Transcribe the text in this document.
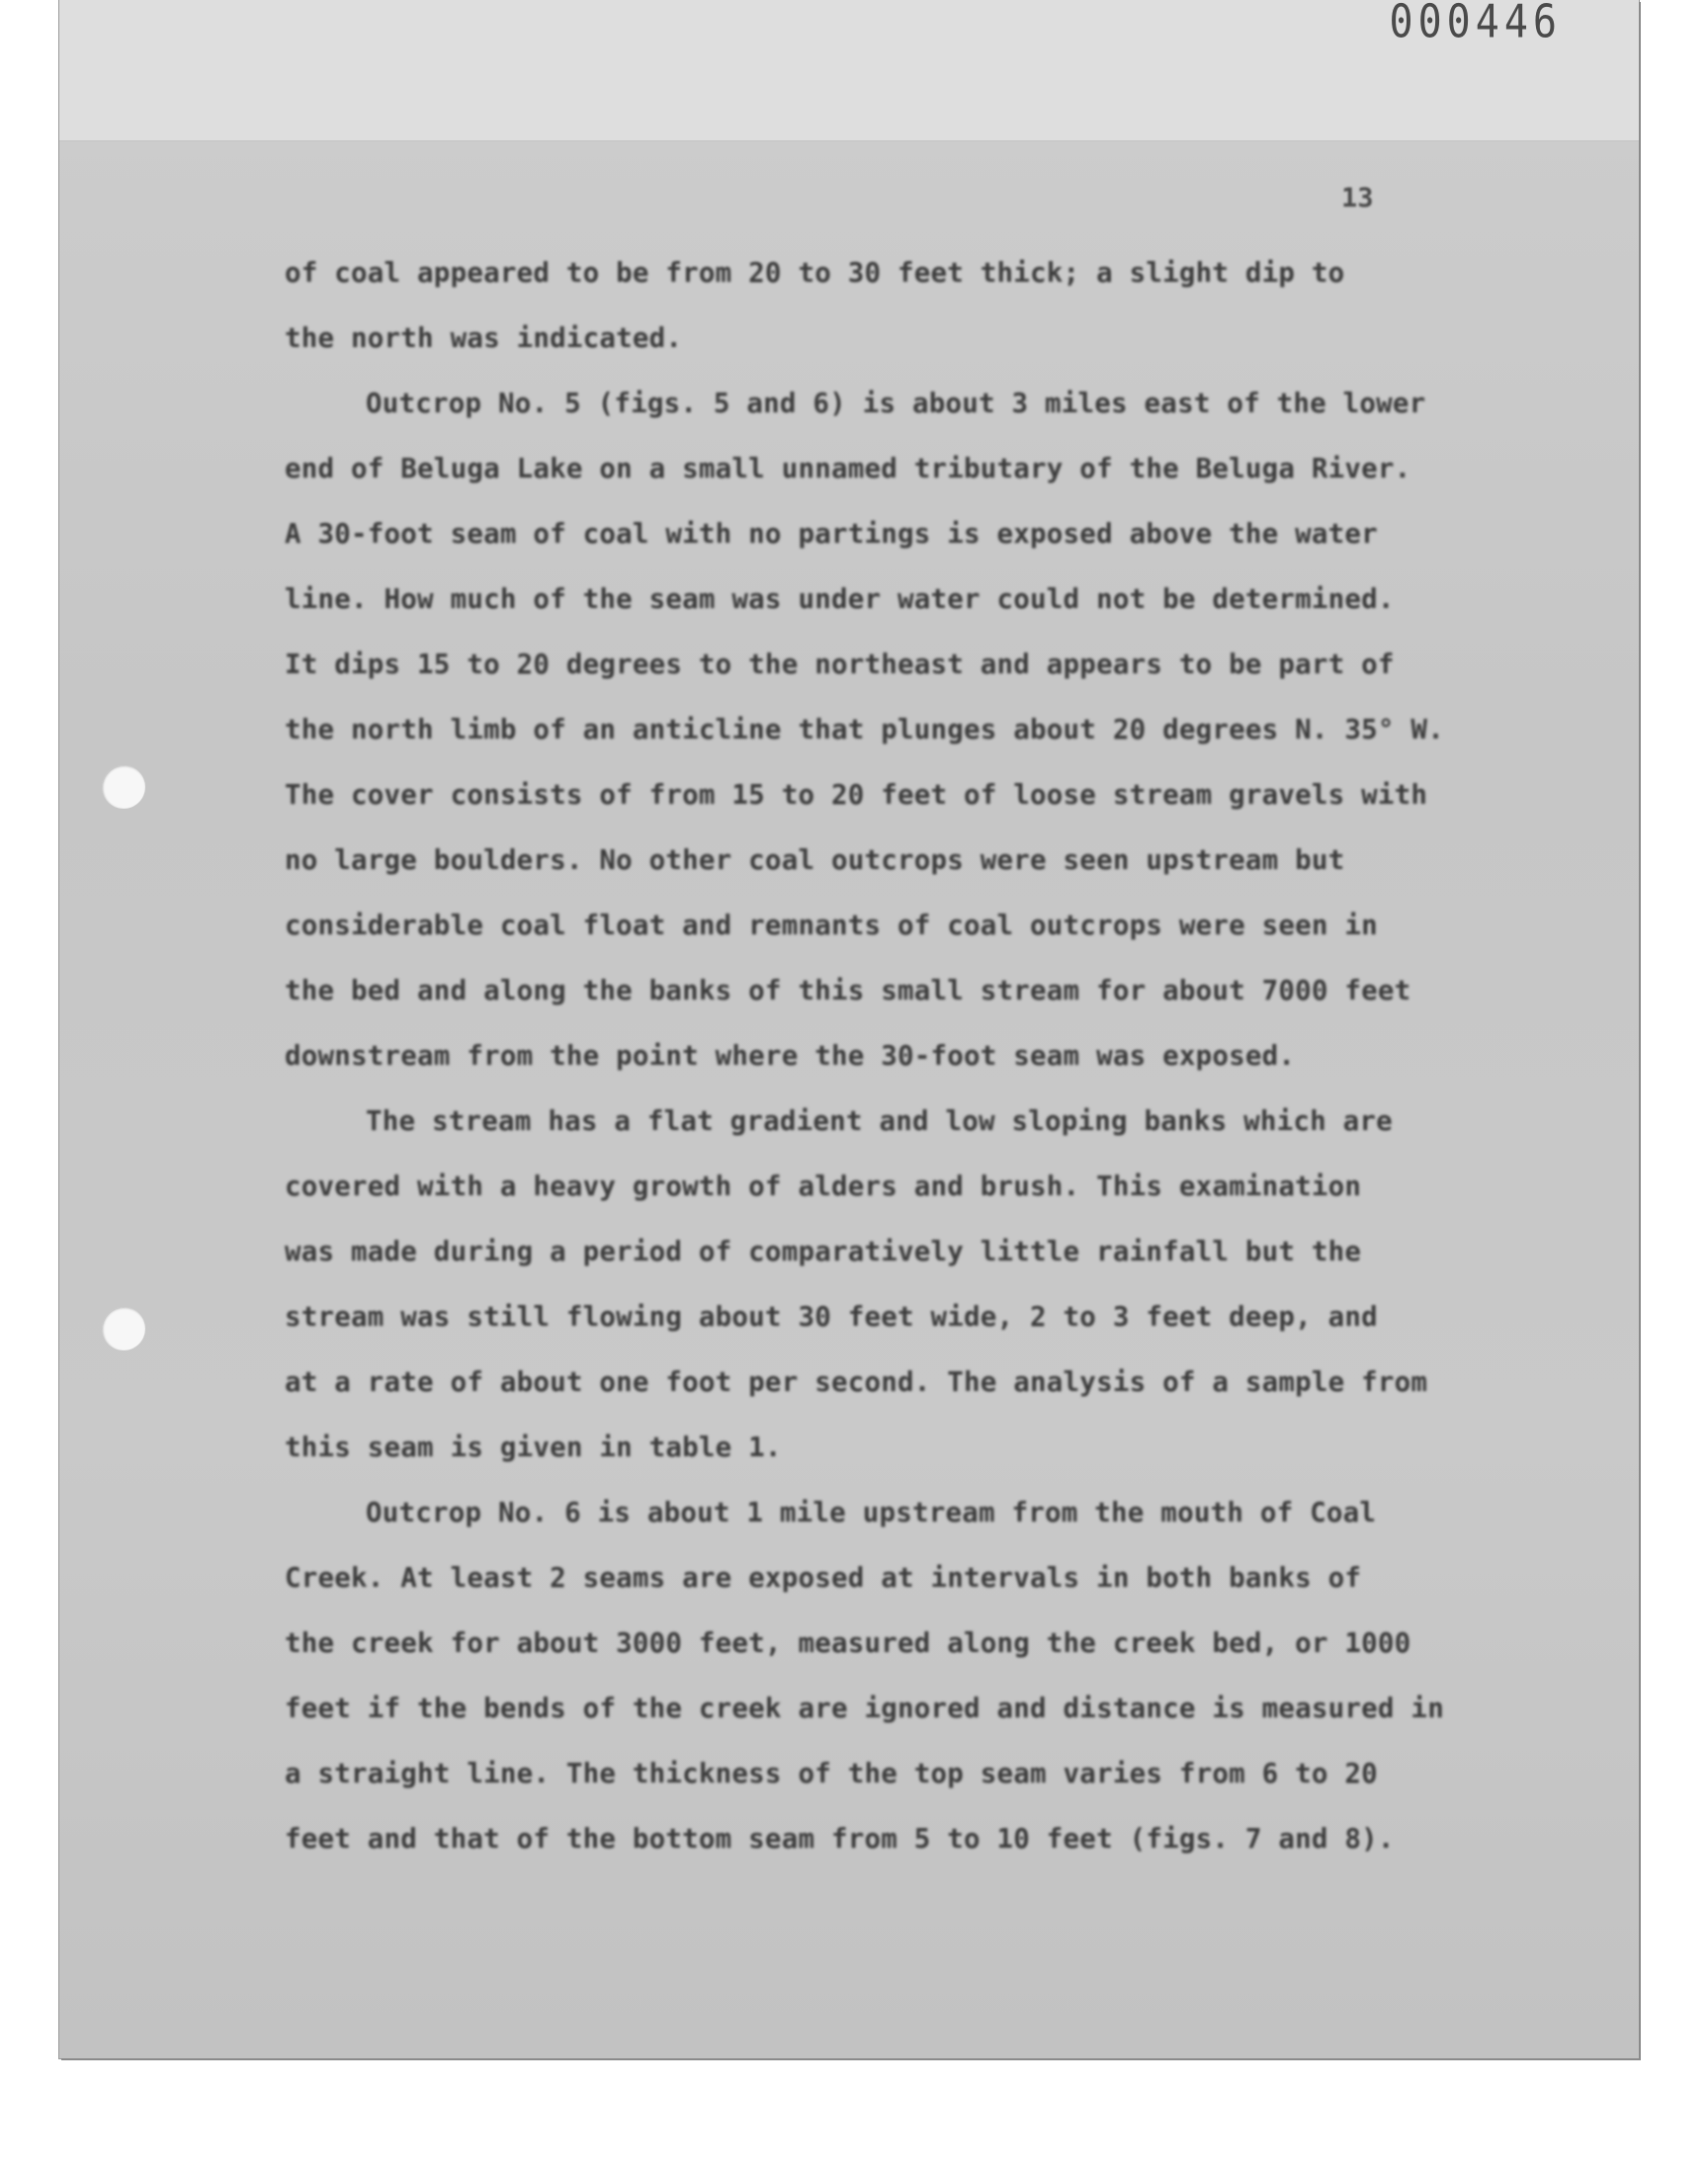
000446
13
of coal appeared to be from 20 to 30 feet thick; a slight dip to
the north was indicated.
Outcrop No. 5 (figs. 5 and 6) is about 3 miles east of the lower
end of Beluga Lake on a small unnamed tributary of the Beluga River.
A 30-foot seam of coal with no partings is exposed above the water
line. How much of the seam was under water could not be determined.
It dips 15 to 20 degrees to the northeast and appears to be part of
the north limb of an anticline that plunges about 20 degrees N. 35° W.
The cover consists of from 15 to 20 feet of loose stream gravels with
no large boulders. No other coal outcrops were seen upstream but
considerable coal float and remnants of coal outcrops were seen in
the bed and along the banks of this small stream for about 7000 feet
downstream from the point where the 30-foot seam was exposed.
The stream has a flat gradient and low sloping banks which are
covered with a heavy growth of alders and brush. This examination
was made during a period of comparatively little rainfall but the
stream was still flowing about 30 feet wide, 2 to 3 feet deep, and
at a rate of about one foot per second. The analysis of a sample from
this seam is given in table 1.
Outcrop No. 6 is about 1 mile upstream from the mouth of Coal
Creek. At least 2 seams are exposed at intervals in both banks of
the creek for about 3000 feet, measured along the creek bed, or 1000
feet if the bends of the creek are ignored and distance is measured in
a straight line. The thickness of the top seam varies from 6 to 20
feet and that of the bottom seam from 5 to 10 feet (figs. 7 and 8).
